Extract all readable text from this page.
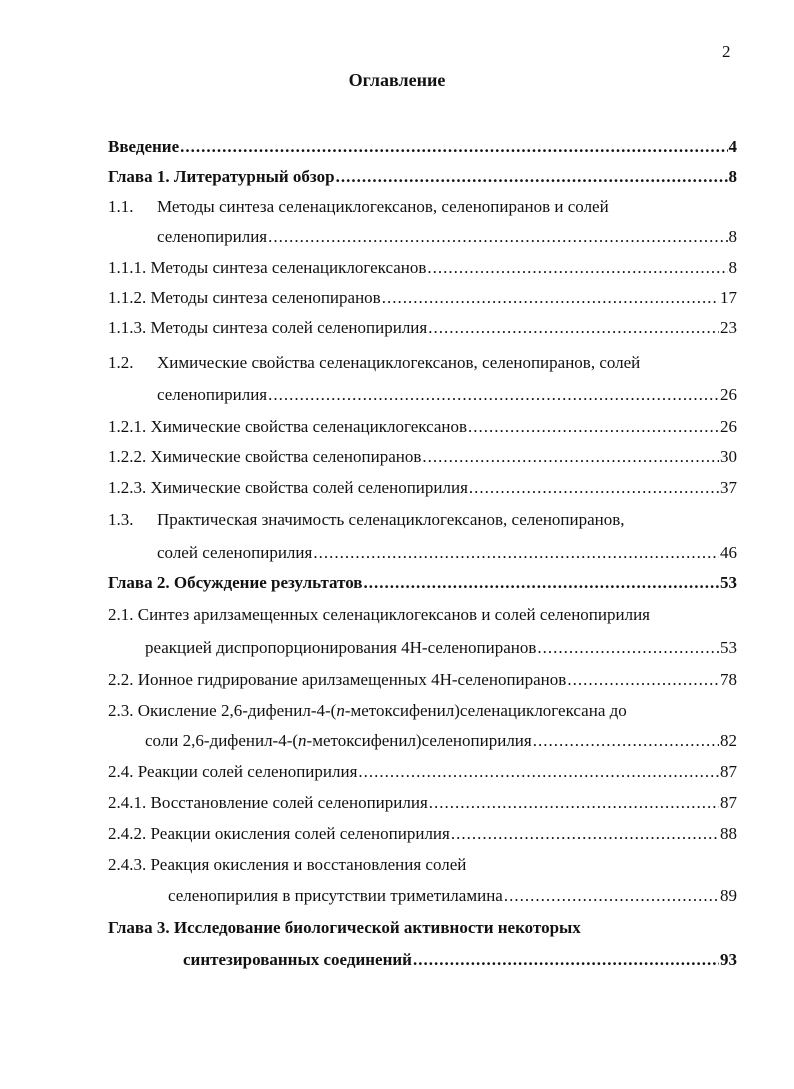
2
Оглавление
Введение .....	4
Глава 1. Литературный обзор .....	8
1.1.	Методы синтеза селенациклогексанов, селенопиранов и солей
селенопирилия .....	8
1.1.1. Методы синтеза селенациклогексанов .....	8
1.1.2. Методы синтеза селенопиранов .....	17
1.1.3. Методы синтеза солей селенопирилия .....	23
1.2.	Химические свойства селенациклогексанов, селенопиранов, солей
селенопирилия .....	26
1.2.1. Химические свойства селенациклогексанов .....	26
1.2.2. Химические свойства селенопиранов .....	30
1.2.3. Химические свойства солей селенопирилия .....	37
1.3.	Практическая значимость селенациклогексанов, селенопиранов,
солей селенопирилия .....	46
Глава 2. Обсуждение результатов .....	53
2.1. Синтез арилзамещенных селенациклогексанов и солей селенопирилия
реакцией диспропорционирования 4Н-селенопиранов .....	53
2.2. Ионное гидрирование арилзамещенных 4Н-селенопиранов .....	78
2.3. Окисление 2,6-дифенил-4-( п -метоксифенил)селенациклогексана до
соли 2,6-дифенил-4-( п -метоксифенил)селенопирилия .....	82
2.4. Реакции солей селенопирилия .....	87
2.4.1. Восстановление солей селенопирилия .....	87
2.4.2. Реакции окисления солей селенопирилия .....	88
2.4.3. Реакция окисления и восстановления солей
селенопирилия в присутствии триметиламина .....	89
Глава 3. Исследование биологической активности некоторых
синтезированных соединений .....	93
